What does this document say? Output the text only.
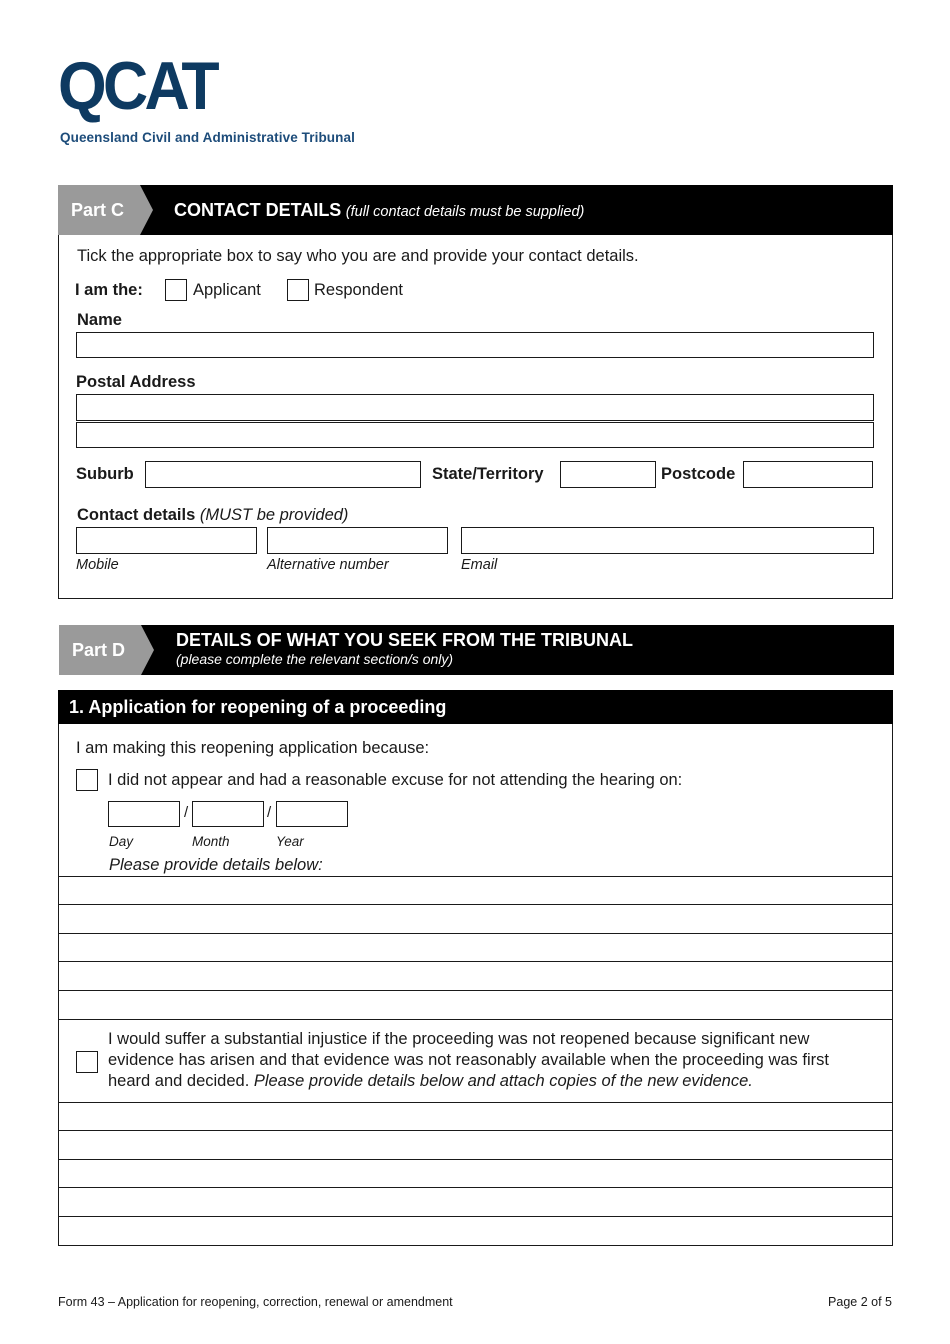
QCAT
Queensland Civil and Administrative Tribunal
Part C	CONTACT DETAILS (full contact details must be supplied)
Tick the appropriate box to say who you are and provide your contact details.
I am the:	Applicant	Respondent
Name
Postal Address
Suburb	State/Territory	Postcode
Contact details (MUST be provided)
Mobile	Alternative number	Email
Part D	DETAILS OF WHAT YOU SEEK FROM THE TRIBUNAL
(please complete the relevant section/s only)
1. Application for reopening of a proceeding
I am making this reopening application because:
I did not appear and had a reasonable excuse for not attending the hearing on:
/	/
Day	Month	Year
Please provide details below:
I would suffer a substantial injustice if the proceeding was not reopened because significant new
evidence has arisen and that evidence was not reasonably available when the proceeding was first
heard and decided. Please provide details below and attach copies of the new evidence.
Form 43 – Application for reopening, correction, renewal or amendment	Page 2 of 5
